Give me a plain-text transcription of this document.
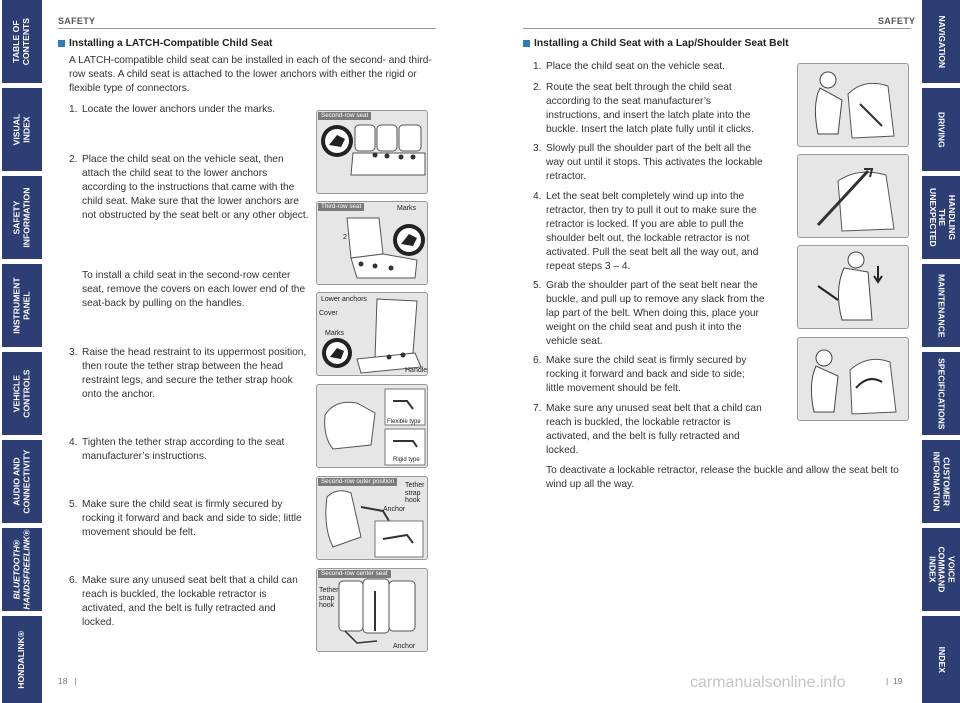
TABLE OF CONTENTS
VISUAL INDEX
SAFETY
INFORMATION
INSTRUMENT PANEL
VEHICLE
CONTROLS
AUDIO AND
CONNECTIVITY
BLUETOOTH®
HANDSFREELINK®
HONDALINK®
NAVIGATION
DRIVING
HANDLING THE
UNEXPECTED
MAINTENANCE
SPECIFICATIONS
CUSTOMER
INFORMATION
VOICE COMMAND
INDEX
INDEX
SAFETY
Installing a LATCH-Compatible Child Seat
A LATCH-compatible child seat can be installed in each of the second- and third-row seats. A child seat is attached to the lower anchors with either the rigid or flexible type of connectors.
1. Locate the lower anchors under the marks.
2. Place the child seat on the vehicle seat, then attach the child seat to the lower anchors according to the instructions that came with the child seat. Make sure that the lower anchors are not obstructed by the seat belt or any other object.
To install a child seat in the second-row center seat, remove the covers on each lower end of the seat-back by pulling on the handles.
3. Raise the head restraint to its uppermost position, then route the tether strap between the head restraint legs, and secure the tether strap hook onto the anchor.
4. Tighten the tether strap according to the seat manufacturer’s instructions.
5. Make sure the child seat is firmly secured by rocking it forward and back and side to side; little movement should be felt.
6. Make sure any unused seat belt that a child can reach is buckled, the lockable retractor is activated, and the belt is fully retracted and locked.
Second-row seat
Third-row seat	Marks
2
Lower anchors
Cover
Marks
Handle
Flexible type
Rigid type
Second-row outer position
Tether
strap
hook
Anchor
Second-row center seat
Tether
strap
hook
Anchor
18 |
SAFETY
Installing a Child Seat with a Lap/Shoulder Seat Belt
1. Place the child seat on the vehicle seat.
2. Route the seat belt through the child seat according to the seat manufacturer’s instructions, and insert the latch plate into the buckle. Insert the latch plate fully until it clicks.
3. Slowly pull the shoulder part of the belt all the way out until it stops. This activates the lockable retractor.
4. Let the seat belt completely wind up into the retractor, then try to pull it out to make sure the retractor is locked. If you are able to pull the shoulder belt out, the lockable retractor is not activated. Pull the seat belt all the way out, and repeat steps 3 – 4.
5. Grab the shoulder part of the seat belt near the buckle, and pull up to remove any slack from the lap part of the belt. When doing this, place your weight on the child seat and push it into the vehicle seat.
6. Make sure the child seat is firmly secured by rocking it forward and back and side to side; little movement should be felt.
7. Make sure any unused seat belt that a child can reach is buckled, the lockable retractor is activated, and the belt is fully retracted and locked.
To deactivate a lockable retractor, release the buckle and allow the seat belt to wind up all the way.
| 19
carmanualsonline.info
